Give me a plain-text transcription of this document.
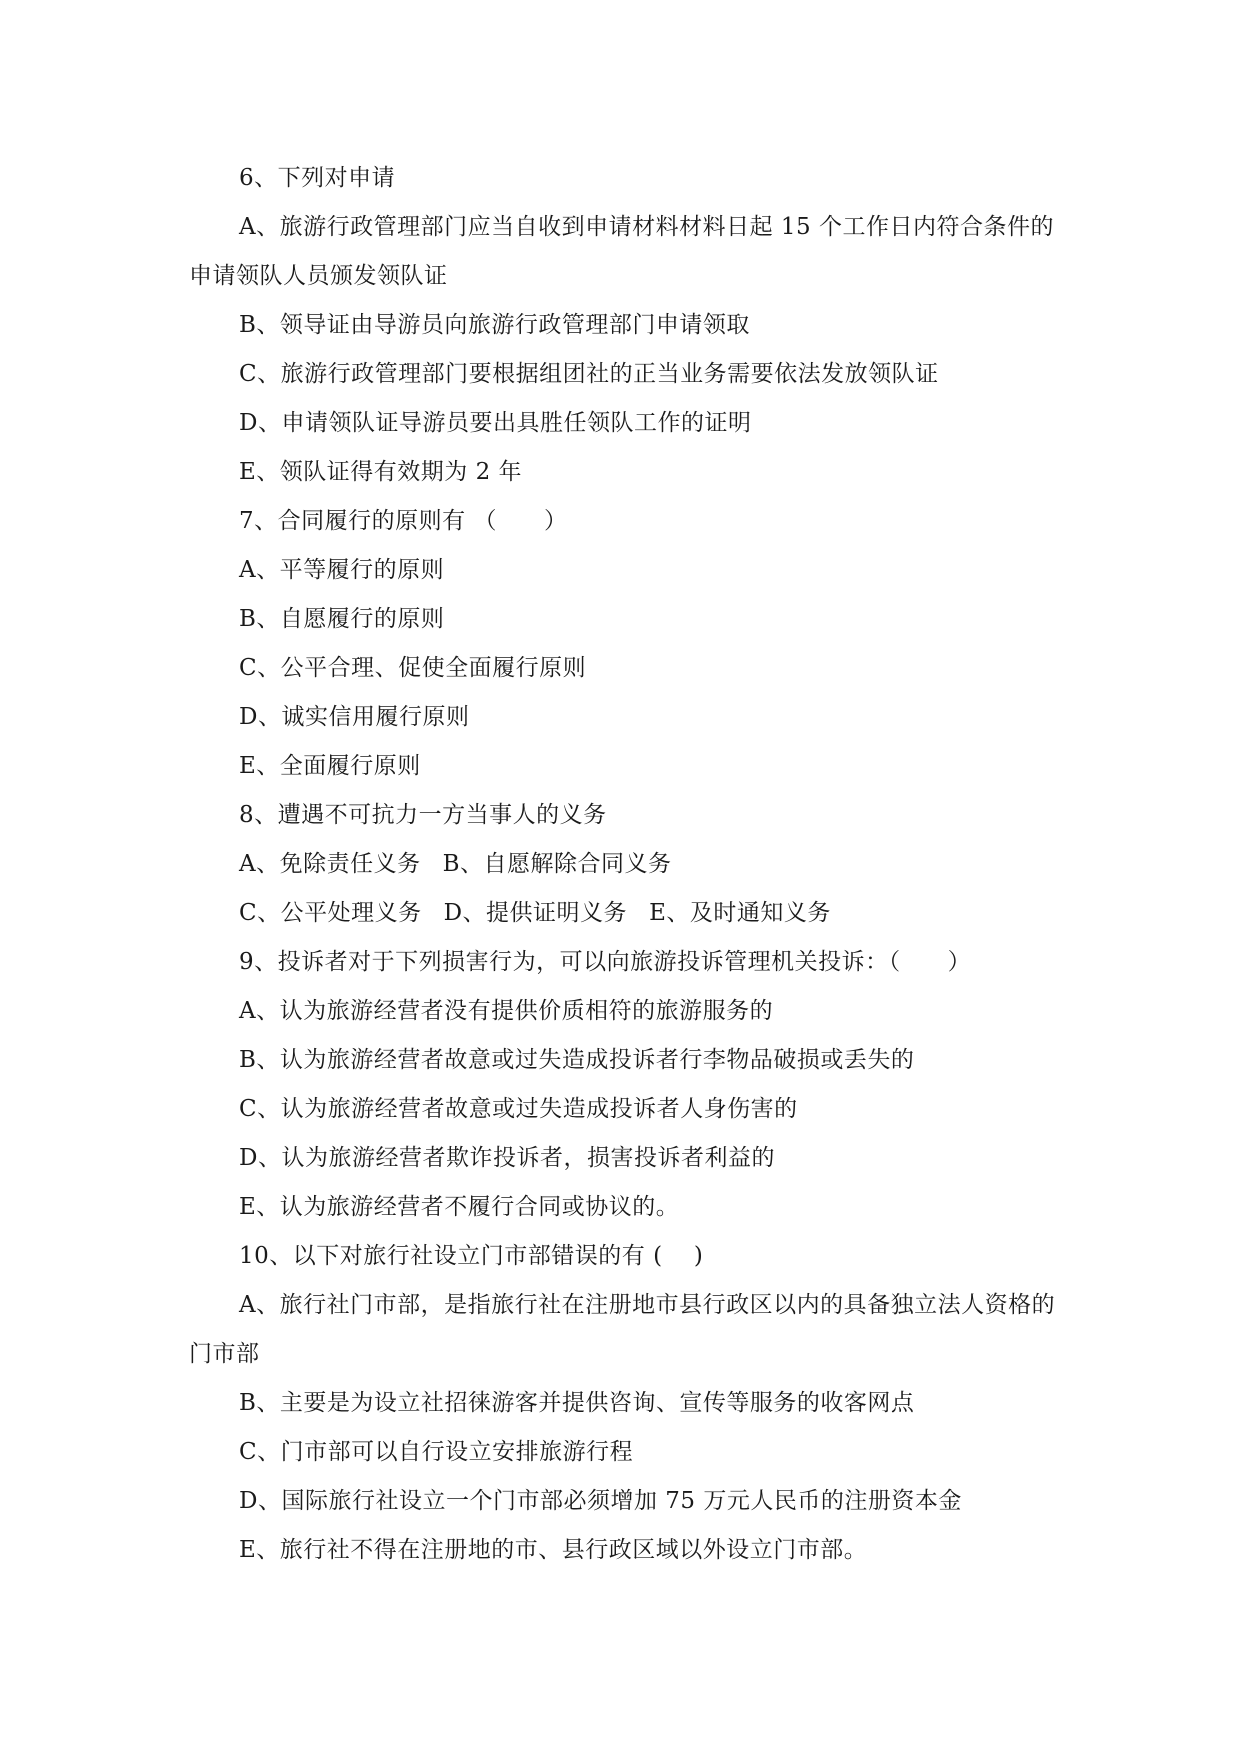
6、下列对申请
A、旅游行政管理部门应当自收到申请材料材料日起 15 个工作日内符合条件的申请领队人员颁发领队证
B、领导证由导游员向旅游行政管理部门申请领取
C、旅游行政管理部门要根据组团社的正当业务需要依法发放领队证
D、申请领队证导游员要出具胜任领队工作的证明
E、领队证得有效期为 2 年
7、合同履行的原则有 （　　）
A、平等履行的原则
B、自愿履行的原则
C、公平合理、促使全面履行原则
D、诚实信用履行原则
E、全面履行原则
8、遭遇不可抗力一方当事人的义务
A、免除责任义务 B、自愿解除合同义务
C、公平处理义务 D、提供证明义务 E、及时通知义务
9、投诉者对于下列损害行为，可以向旅游投诉管理机关投诉：（　　）
A、认为旅游经营者没有提供价质相符的旅游服务的
B、认为旅游经营者故意或过失造成投诉者行李物品破损或丢失的
C、认为旅游经营者故意或过失造成投诉者人身伤害的
D、认为旅游经营者欺诈投诉者，损害投诉者利益的
E、认为旅游经营者不履行合同或协议的。
10、以下对旅行社设立门市部错误的有 (　 )
A、旅行社门市部，是指旅行社在注册地市县行政区以内的具备独立法人资格的门市部
B、主要是为设立社招徕游客并提供咨询、宣传等服务的收客网点
C、门市部可以自行设立安排旅游行程
D、国际旅行社设立一个门市部必须增加 75 万元人民币的注册资本金
E、旅行社不得在注册地的市、县行政区域以外设立门市部。
